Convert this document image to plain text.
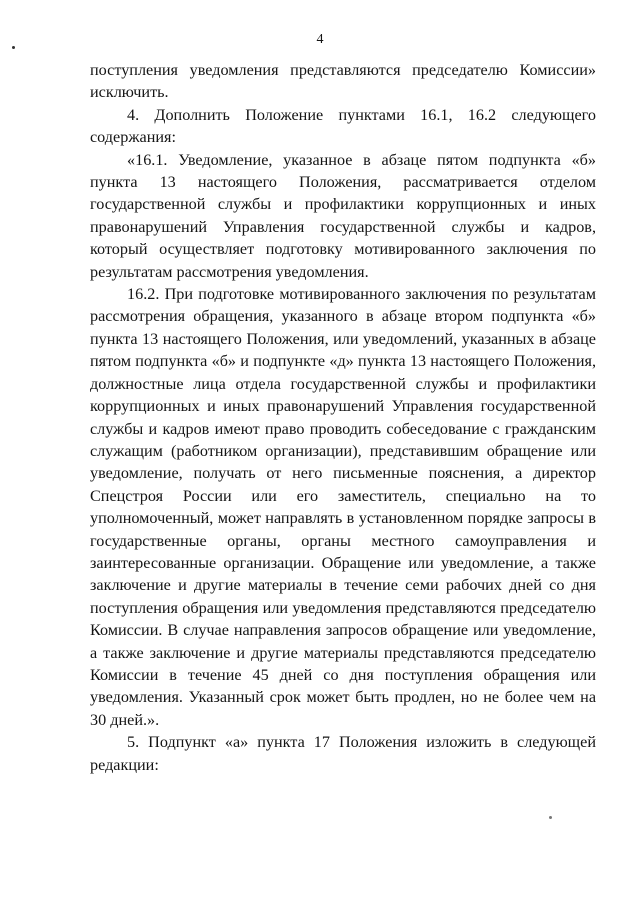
4

поступления уведомления представляются председателю Комиссии» исключить.

4. Дополнить Положение пунктами 16.1, 16.2 следующего содержания:

«16.1. Уведомление, указанное в абзаце пятом подпункта «б» пункта 13 настоящего Положения, рассматривается отделом государственной службы и профилактики коррупционных и иных правонарушений Управления государственной службы и кадров, который осуществляет подготовку мотивированного заключения по результатам рассмотрения уведомления.

16.2. При подготовке мотивированного заключения по результатам рассмотрения обращения, указанного в абзаце втором подпункта «б» пункта 13 настоящего Положения, или уведомлений, указанных в абзаце пятом подпункта «б» и подпункте «д» пункта 13 настоящего Положения, должностные лица отдела государственной службы и профилактики коррупционных и иных правонарушений Управления государственной службы и кадров имеют право проводить собеседование с гражданским служащим (работником организации), представившим обращение или уведомление, получать от него письменные пояснения, а директор Спецстроя России или его заместитель, специально на то уполномоченный, может направлять в установленном порядке запросы в государственные органы, органы местного самоуправления и заинтересованные организации. Обращение или уведомление, а также заключение и другие материалы в течение семи рабочих дней со дня поступления обращения или уведомления представляются председателю Комиссии. В случае направления запросов обращение или уведомление, а также заключение и другие материалы представляются председателю Комиссии в течение 45 дней со дня поступления обращения или уведомления. Указанный срок может быть продлен, но не более чем на 30 дней.».

5. Подпункт «а» пункта 17 Положения изложить в следующей редакции:
